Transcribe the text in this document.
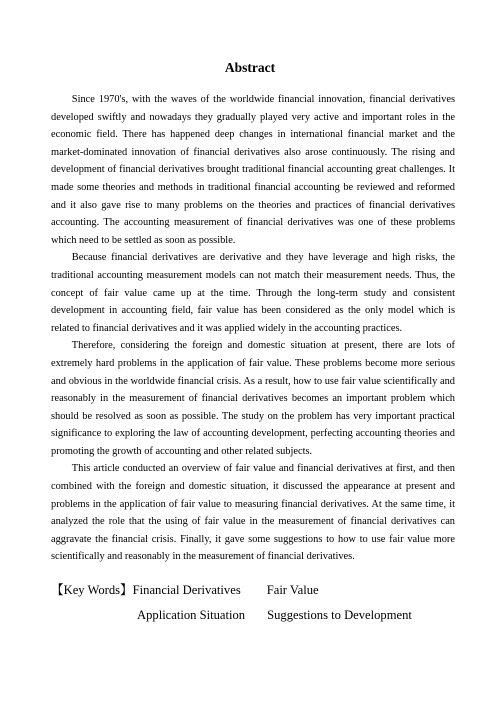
Abstract

Since 1970's, with the waves of the worldwide financial innovation, financial derivatives developed swiftly and nowadays they gradually played very active and important roles in the economic field. There has happened deep changes in international financial market and the market-dominated innovation of financial derivatives also arose continuously. The rising and development of financial derivatives brought traditional financial accounting great challenges. It made some theories and methods in traditional financial accounting be reviewed and reformed and it also gave rise to many problems on the theories and practices of financial derivatives accounting. The accounting measurement of financial derivatives was one of these problems which need to be settled as soon as possible.

Because financial derivatives are derivative and they have leverage and high risks, the traditional accounting measurement models can not match their measurement needs. Thus, the concept of fair value came up at the time. Through the long-term study and consistent development in accounting field, fair value has been considered as the only model which is related to financial derivatives and it was applied widely in the accounting practices.

Therefore, considering the foreign and domestic situation at present, there are lots of extremely hard problems in the application of fair value. These problems become more serious and obvious in the worldwide financial crisis. As a result, how to use fair value scientifically and reasonably in the measurement of financial derivatives becomes an important problem which should be resolved as soon as possible. The study on the problem has very important practical significance to exploring the law of accounting development, perfecting accounting theories and promoting the growth of accounting and other related subjects.

This article conducted an overview of fair value and financial derivatives at first, and then combined with the foreign and domestic situation, it discussed the appearance at present and problems in the application of fair value to measuring financial derivatives. At the same time, it analyzed the role that the using of fair value in the measurement of financial derivatives can aggravate the financial crisis. Finally, it gave some suggestions to how to use fair value more scientifically and reasonably in the measurement of financial derivatives.

【Key Words】Financial Derivatives Fair Value
Application Situation Suggestions to Development
